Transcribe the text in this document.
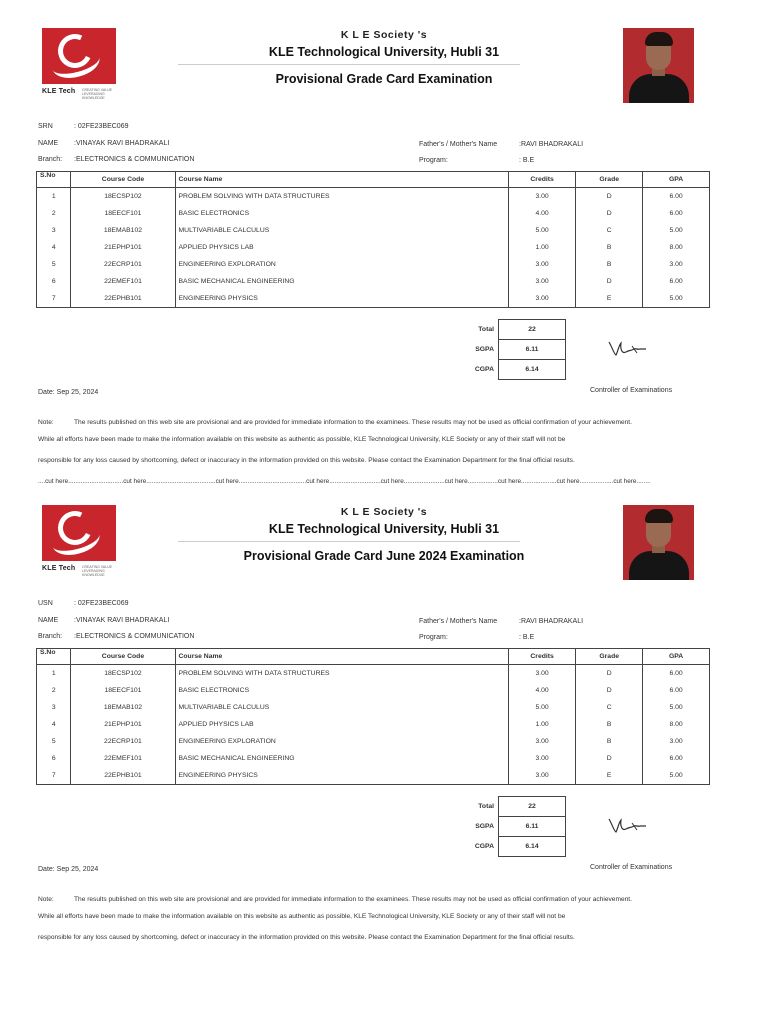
KLE Tech CREATING VALUE LEVERAGING KNOWLEDGE
K L E Society 's
KLE Technological University, Hubli 31
Provisional Grade Card Examination
SRN	: 02FE23BEC069
NAME :VINAYAK RAVI BHADRAKALI	Father's / Mother's Name	:RAVI BHADRAKALI
Branch: :ELECTRONICS & COMMUNICATION	Program:	: B.E
S.No	Course Code	Course Name	Credits	Grade	GPA
1	18ECSP102	PROBLEM SOLVING WITH DATA STRUCTURES	3.00	D	6.00
2	18EECF101	BASIC ELECTRONICS	4.00	D	6.00
3	18EMAB102	MULTIVARIABLE CALCULUS	5.00	C	5.00
4	21EPHP101	APPLIED PHYSICS LAB	1.00	B	8.00
5	22ECRP101	ENGINEERING EXPLORATION	3.00	B	3.00
6	22EMEF101	BASIC MECHANICAL ENGINEERING	3.00	D	6.00
7	22EPHB101	ENGINEERING PHYSICS	3.00	E	5.00
Total	22
SGPA	6.11
CGPA	6.14
Date: Sep 25, 2024	Controller of Examinations
Note:	The results published on this web site are provisional and are provided for immediate information to the examinees. These results may not be used as official confirmation of your achievement.
While all efforts have been made to make the information available on this website as authentic as possible, KLE Technological University, KLE Society or any of their staff will not be
responsible for any loss caused by shortcoming, defect or inaccuracy in the information provided on this website. Please contact the Examination Department for the final official results.
....cut here...............................cut here.......................................cut here......................................cut here.............................cut here.......................cut here.................cut here....................cut here...................cut here........
KLE Tech CREATING VALUE LEVERAGING KNOWLEDGE
K L E Society 's
KLE Technological University, Hubli 31
Provisional Grade Card June 2024 Examination
USN	: 02FE23BEC069
NAME :VINAYAK RAVI BHADRAKALI	Father's / Mother's Name	:RAVI BHADRAKALI
Branch: :ELECTRONICS & COMMUNICATION	Program:	: B.E
S.No	Course Code	Course Name	Credits	Grade	GPA
1	18ECSP102	PROBLEM SOLVING WITH DATA STRUCTURES	3.00	D	6.00
2	18EECF101	BASIC ELECTRONICS	4.00	D	6.00
3	18EMAB102	MULTIVARIABLE CALCULUS	5.00	C	5.00
4	21EPHP101	APPLIED PHYSICS LAB	1.00	B	8.00
5	22ECRP101	ENGINEERING EXPLORATION	3.00	B	3.00
6	22EMEF101	BASIC MECHANICAL ENGINEERING	3.00	D	6.00
7	22EPHB101	ENGINEERING PHYSICS	3.00	E	5.00
Total	22
SGPA	6.11
CGPA	6.14
Date: Sep 25, 2024	Controller of Examinations
Note:	The results published on this web site are provisional and are provided for immediate information to the examinees. These results may not be used as official confirmation of your achievement.
While all efforts have been made to make the information available on this website as authentic as possible, KLE Technological University, KLE Society or any of their staff will not be
responsible for any loss caused by shortcoming, defect or inaccuracy in the information provided on this website. Please contact the Examination Department for the final official results.
